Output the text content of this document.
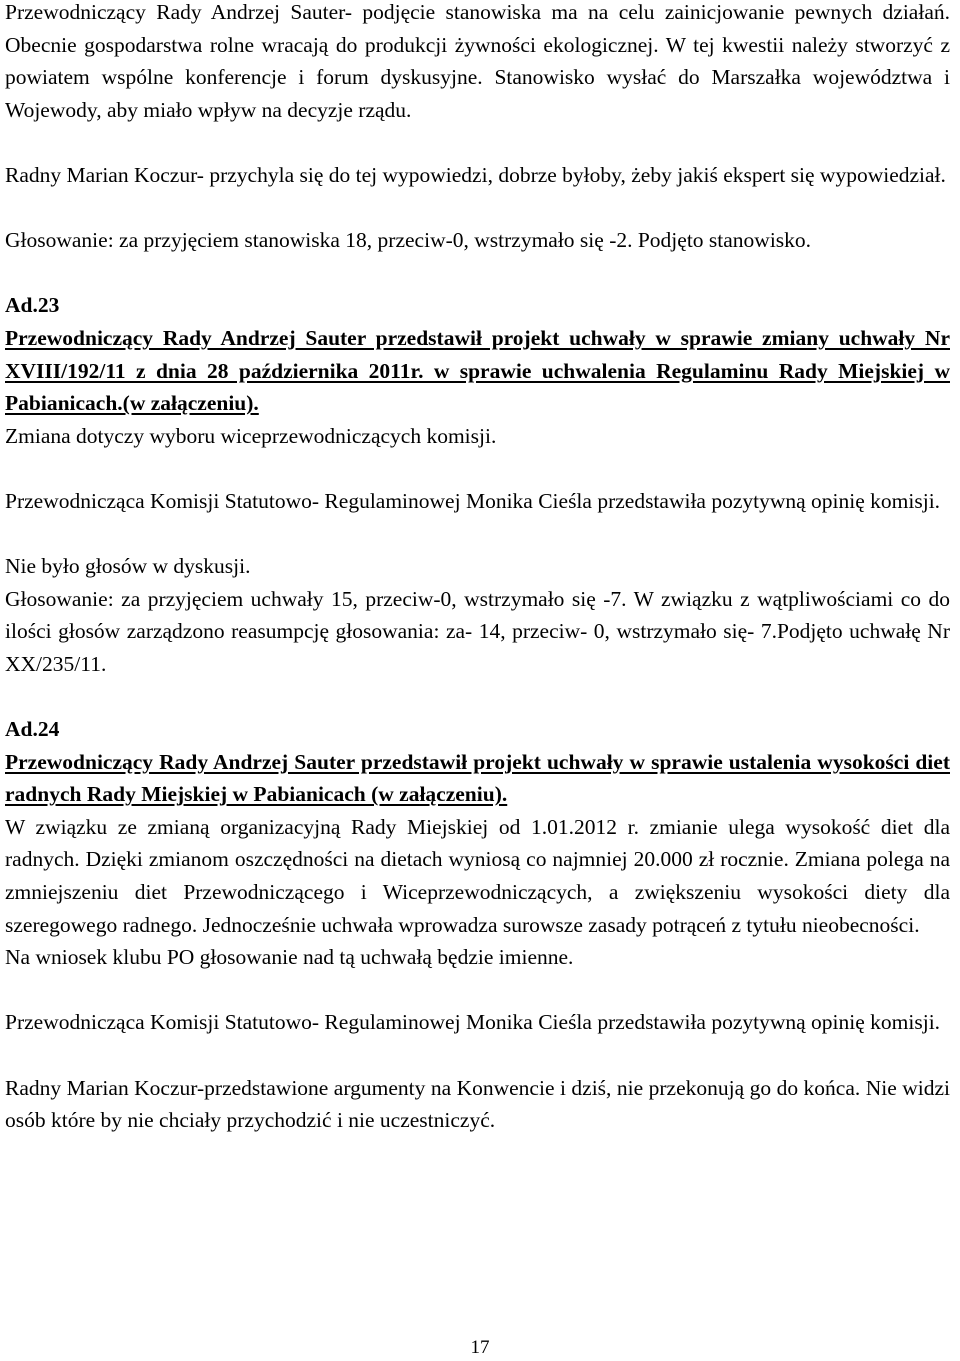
Przewodniczący Rady Andrzej Sauter- podjęcie stanowiska ma na celu zainicjowanie pewnych działań. Obecnie gospodarstwa rolne wracają do produkcji żywności ekologicznej. W tej kwestii należy stworzyć z powiatem wspólne konferencje i forum dyskusyjne. Stanowisko wysłać do Marszałka województwa i Wojewody, aby miało wpływ na decyzje rządu.

Radny Marian Koczur- przychyla się do tej wypowiedzi, dobrze byłoby, żeby jakiś ekspert się wypowiedział.

Głosowanie: za przyjęciem stanowiska 18, przeciw-0, wstrzymało się -2. Podjęto stanowisko.

Ad.23

Przewodniczący Rady Andrzej Sauter przedstawił projekt uchwały w sprawie zmiany uchwały Nr XVIII/192/11 z dnia 28 października 2011r. w sprawie uchwalenia Regulaminu Rady Miejskiej w Pabianicach.(w załączeniu).

Zmiana dotyczy wyboru wiceprzewodniczących komisji.

Przewodnicząca Komisji Statutowo- Regulaminowej Monika Cieśla przedstawiła pozytywną opinię komisji.

Nie było głosów w dyskusji.

Głosowanie: za przyjęciem uchwały 15, przeciw-0, wstrzymało się -7. W związku z wątpliwościami co do ilości głosów zarządzono reasumpcję głosowania: za- 14, przeciw- 0, wstrzymało się- 7.Podjęto uchwałę Nr XX/235/11.

Ad.24

Przewodniczący Rady Andrzej Sauter przedstawił projekt uchwały w sprawie ustalenia wysokości diet radnych Rady Miejskiej w Pabianicach (w załączeniu).

W związku ze zmianą organizacyjną Rady Miejskiej od 1.01.2012 r. zmianie ulega wysokość diet dla radnych. Dzięki zmianom oszczędności na dietach wyniosą co najmniej 20.000 zł rocznie. Zmiana polega na zmniejszeniu diet Przewodniczącego i Wiceprzewodniczących, a zwiększeniu wysokości diety dla szeregowego radnego. Jednocześnie uchwała wprowadza surowsze zasady potrąceń z tytułu nieobecności.

Na wniosek klubu PO głosowanie nad tą uchwałą będzie imienne.

Przewodnicząca Komisji Statutowo- Regulaminowej Monika Cieśla przedstawiła pozytywną opinię komisji.

Radny Marian Koczur-przedstawione argumenty na Konwencie i dziś, nie przekonują go do końca. Nie widzi osób które by nie chciały przychodzić i nie uczestniczyć.

17
